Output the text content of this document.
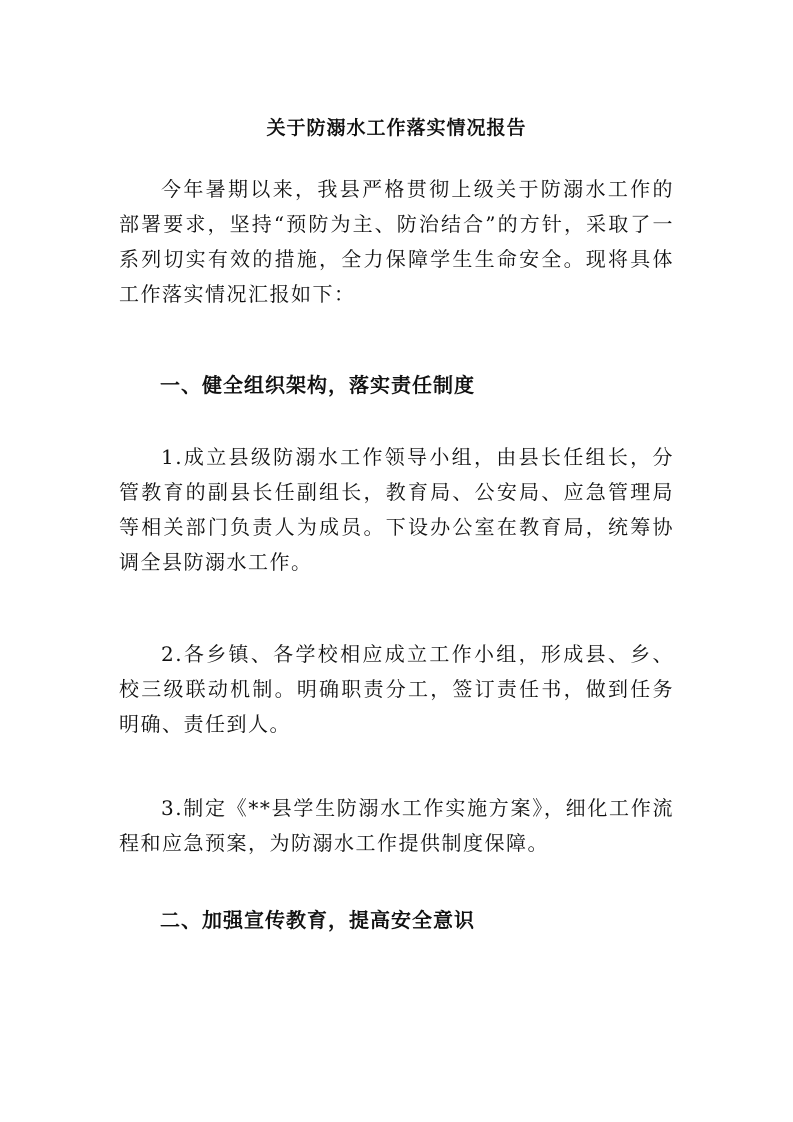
关于防溺水工作落实情况报告

今年暑期以来，我县严格贯彻上级关于防溺水工作的部署要求，坚持“预防为主、防治结合”的方针，采取了一系列切实有效的措施，全力保障学生生命安全。现将具体工作落实情况汇报如下：

一、健全组织架构，落实责任制度

1.成立县级防溺水工作领导小组，由县长任组长，分管教育的副县长任副组长，教育局、公安局、应急管理局等相关部门负责人为成员。下设办公室在教育局，统筹协调全县防溺水工作。

2.各乡镇、各学校相应成立工作小组，形成县、乡、校三级联动机制。明确职责分工，签订责任书，做到任务明确、责任到人。

3.制定《**县学生防溺水工作实施方案》，细化工作流程和应急预案，为防溺水工作提供制度保障。

二、加强宣传教育，提高安全意识
